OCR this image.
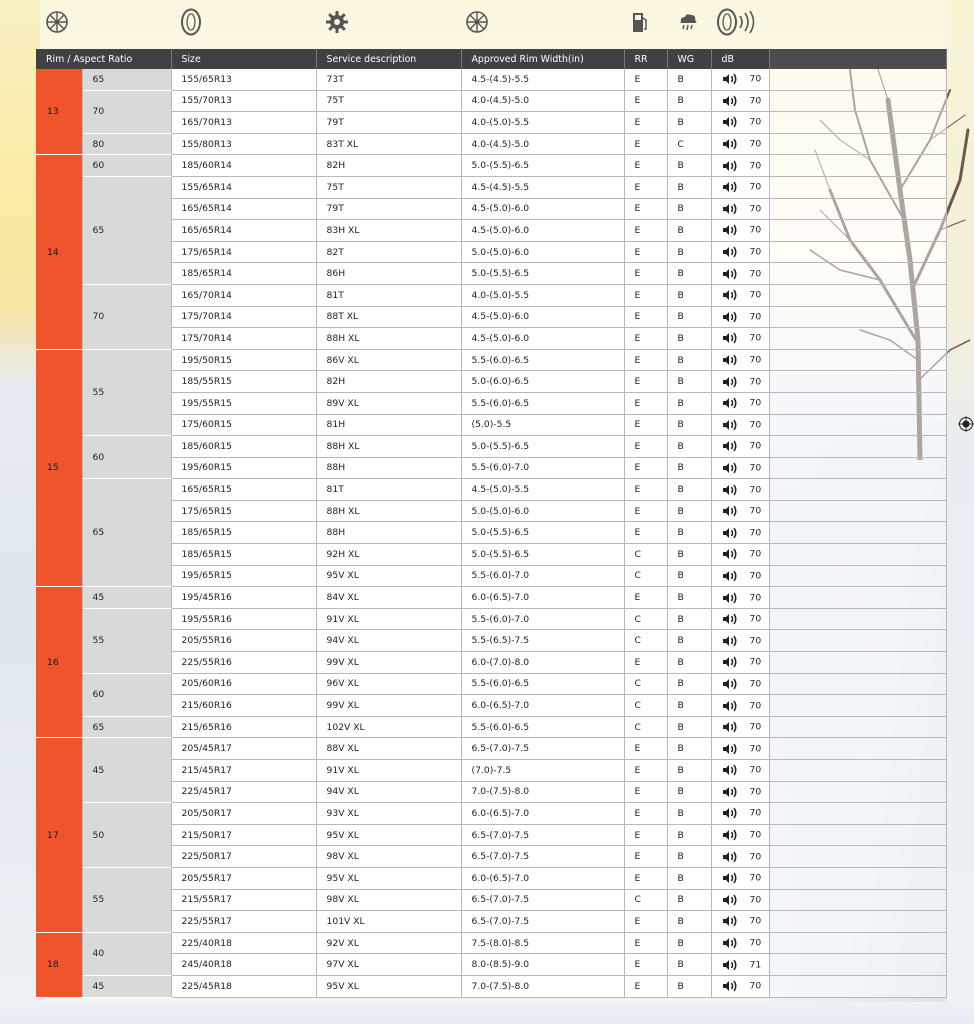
Rim / Aspect Ratio		Size	Service description	Approved Rim Width(in)	RR	WG	dB	
13	65	155/65R13	73T	4.5-(4.5)-5.5	E	B	70	
	70	155/70R13	75T	4.0-(4.5)-5.0	E	B	70	
		165/70R13	79T	4.0-(5.0)-5.5	E	B	70	
	80	155/80R13	83T XL	4.0-(4.5)-5.0	E	C	70	
14	60	185/60R14	82H	5.0-(5.5)-6.5	E	B	70	
	65	155/65R14	75T	4.5-(4.5)-5.5	E	B	70	
		165/65R14	79T	4.5-(5.0)-6.0	E	B	70	
		165/65R14	83H XL	4.5-(5.0)-6.0	E	B	70	
		175/65R14	82T	5.0-(5.0)-6.0	E	B	70	
		185/65R14	86H	5.0-(5.5)-6.5	E	B	70	
	70	165/70R14	81T	4.0-(5.0)-5.5	E	B	70	
		175/70R14	88T XL	4.5-(5.0)-6.0	E	B	70	
		175/70R14	88H XL	4.5-(5.0)-6.0	E	B	70	
15	55	195/50R15	86V XL	5.5-(6.0)-6.5	E	B	70	
		185/55R15	82H	5.0-(6.0)-6.5	E	B	70	
		195/55R15	89V XL	5.5-(6.0)-6.5	E	B	70	
		175/60R15	81H	(5.0)-5.5	E	B	70	
	60	185/60R15	88H XL	5.0-(5.5)-6.5	E	B	70	
		195/60R15	88H	5.5-(6.0)-7.0	E	B	70	
	65	165/65R15	81T	4.5-(5.0)-5.5	E	B	70	
		175/65R15	88H XL	5.0-(5.0)-6.0	E	B	70	
		185/65R15	88H	5.0-(5.5)-6.5	E	B	70	
		185/65R15	92H XL	5.0-(5.5)-6.5	C	B	70	
		195/65R15	95V XL	5.5-(6.0)-7.0	C	B	70	
16	45	195/45R16	84V XL	6.0-(6.5)-7.0	E	B	70	
	55	195/55R16	91V XL	5.5-(6.0)-7.0	C	B	70	
		205/55R16	94V XL	5.5-(6.5)-7.5	C	B	70	
		225/55R16	99V XL	6.0-(7.0)-8.0	E	B	70	
	60	205/60R16	96V XL	5.5-(6.0)-6.5	C	B	70	
		215/60R16	99V XL	6.0-(6.5)-7.0	C	B	70	
	65	215/65R16	102V XL	5.5-(6.0)-6.5	C	B	70	
17	45	205/45R17	88V XL	6.5-(7.0)-7.5	E	B	70	
		215/45R17	91V XL	(7.0)-7.5	E	B	70	
		225/45R17	94V XL	7.0-(7.5)-8.0	E	B	70	
	50	205/50R17	93V XL	6.0-(6.5)-7.0	E	B	70	
		215/50R17	95V XL	6.5-(7.0)-7.5	E	B	70	
		225/50R17	98V XL	6.5-(7.0)-7.5	E	B	70	
	55	205/55R17	95V XL	6.0-(6.5)-7.0	E	B	70	
		215/55R17	98V XL	6.5-(7.0)-7.5	C	B	70	
		225/55R17	101V XL	6.5-(7.0)-7.5	E	B	70	
18	40	225/40R18	92V XL	7.5-(8.0)-8.5	E	B	70	
		245/40R18	97V XL	8.0-(8.5)-9.0	E	B	71	
	45	225/45R18	95V XL	7.0-(7.5)-8.0	E	B	70	
